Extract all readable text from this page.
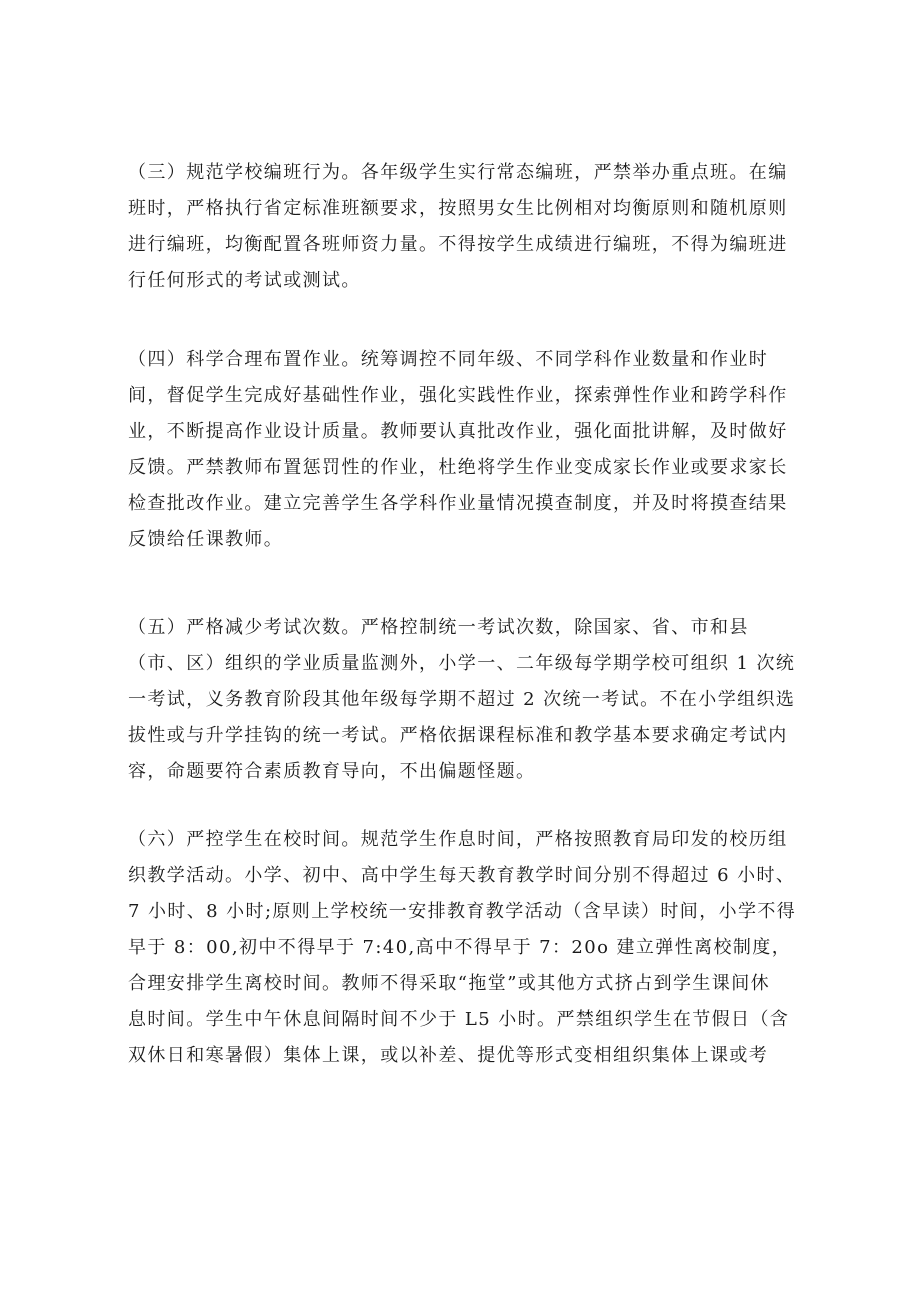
（三）规范学校编班行为。各年级学生实行常态编班，严禁举办重点班。在编
班时，严格执行省定标准班额要求，按照男女生比例相对均衡原则和随机原则
进行编班，均衡配置各班师资力量。不得按学生成绩进行编班，不得为编班进
行任何形式的考试或测试。
（四）科学合理布置作业。统筹调控不同年级、不同学科作业数量和作业时
间，督促学生完成好基础性作业，强化实践性作业，探索弹性作业和跨学科作
业，不断提高作业设计质量。教师要认真批改作业，强化面批讲解，及时做好
反馈。严禁教师布置惩罚性的作业，杜绝将学生作业变成家长作业或要求家长
检查批改作业。建立完善学生各学科作业量情况摸查制度，并及时将摸查结果
反馈给任课教师。
（五）严格减少考试次数。严格控制统一考试次数，除国家、省、市和县
（市、区）组织的学业质量监测外，小学一、二年级每学期学校可组织 1 次统
一考试，义务教育阶段其他年级每学期不超过 2 次统一考试。不在小学组织选
拔性或与升学挂钩的统一考试。严格依据课程标准和教学基本要求确定考试内
容，命题要符合素质教育导向，不出偏题怪题。
（六）严控学生在校时间。规范学生作息时间，严格按照教育局印发的校历组
织教学活动。小学、初中、高中学生每天教育教学时间分别不得超过 6 小时、
7 小时、8 小时;原则上学校统一安排教育教学活动（含早读）时间，小学不得
早于 8：00,初中不得早于 7:40,高中不得早于 7：20o 建立弹性离校制度，
合理安排学生离校时间。教师不得采取“拖堂”或其他方式挤占到学生课间休
息时间。学生中午休息间隔时间不少于 L5 小时。严禁组织学生在节假日（含
双休日和寒暑假）集体上课，或以补差、提优等形式变相组织集体上课或考
